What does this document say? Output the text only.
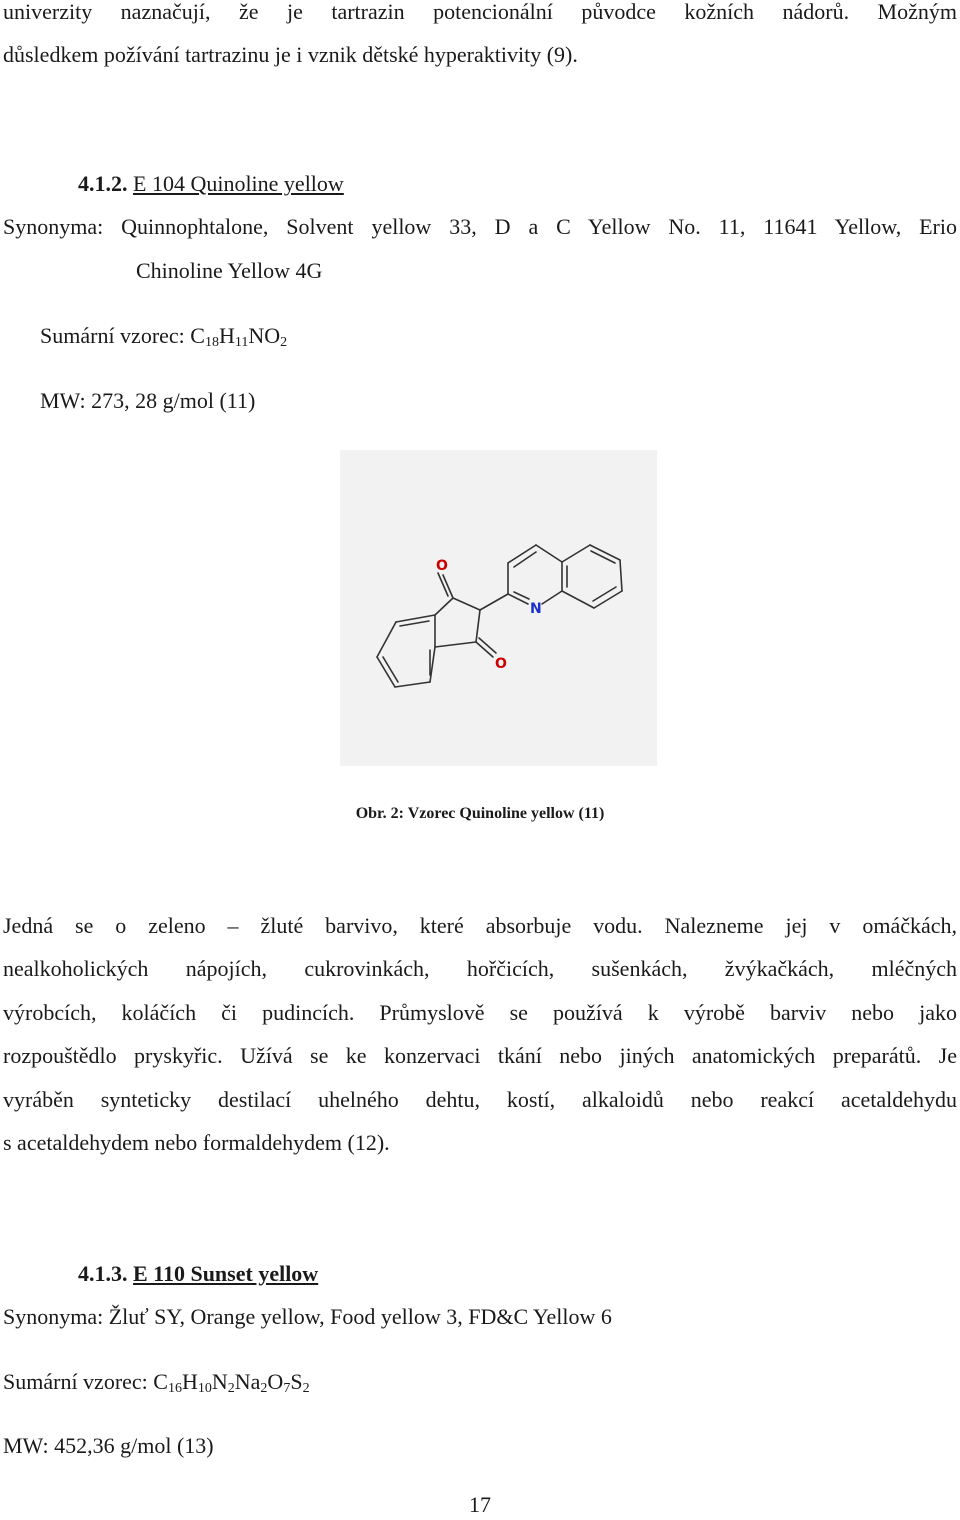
univerzity naznačují, že je tartrazin potencionální původce kožních nádorů. Možným
důsledkem požívání tartrazinu je i vznik dětské hyperaktivity (9).
4.1.2. E 104 Quinoline yellow
Synonyma: Quinnophtalone, Solvent yellow 33, D a C Yellow No. 11, 11641 Yellow, Erio
Chinoline Yellow 4G
Sumární vzorec: $C_{18}H_{11}NO_2$
MW: 273, 28 g/mol (11)
O
O
N
Obr. 2: Vzorec Quinoline yellow (11)
Jedná se o zeleno – žluté barvivo, které absorbuje vodu. Nalezneme jej v omáčkách,
nealkoholických nápojích, cukrovinkách, hořčicích, sušenkách, žvýkačkách, mléčných
výrobcích, koláčích či pudincích. Průmyslově se používá k výrobě barviv nebo jako
rozpouštědlo pryskyřic. Užívá se ke konzervaci tkání nebo jiných anatomických preparátů. Je
vyráběn synteticky destilací uhelného dehtu, kostí, alkaloidů nebo reakcí acetaldehydu
s acetaldehydem nebo formaldehydem (12).
4.1.3. E 110 Sunset yellow
Synonyma: Žluť SY, Orange yellow, Food yellow 3, FD&C Yellow 6
Sumární vzorec: $C_{16}H_{10}N_2Na_2O_7S_2$
MW: 452,36 g/mol (13)
17
